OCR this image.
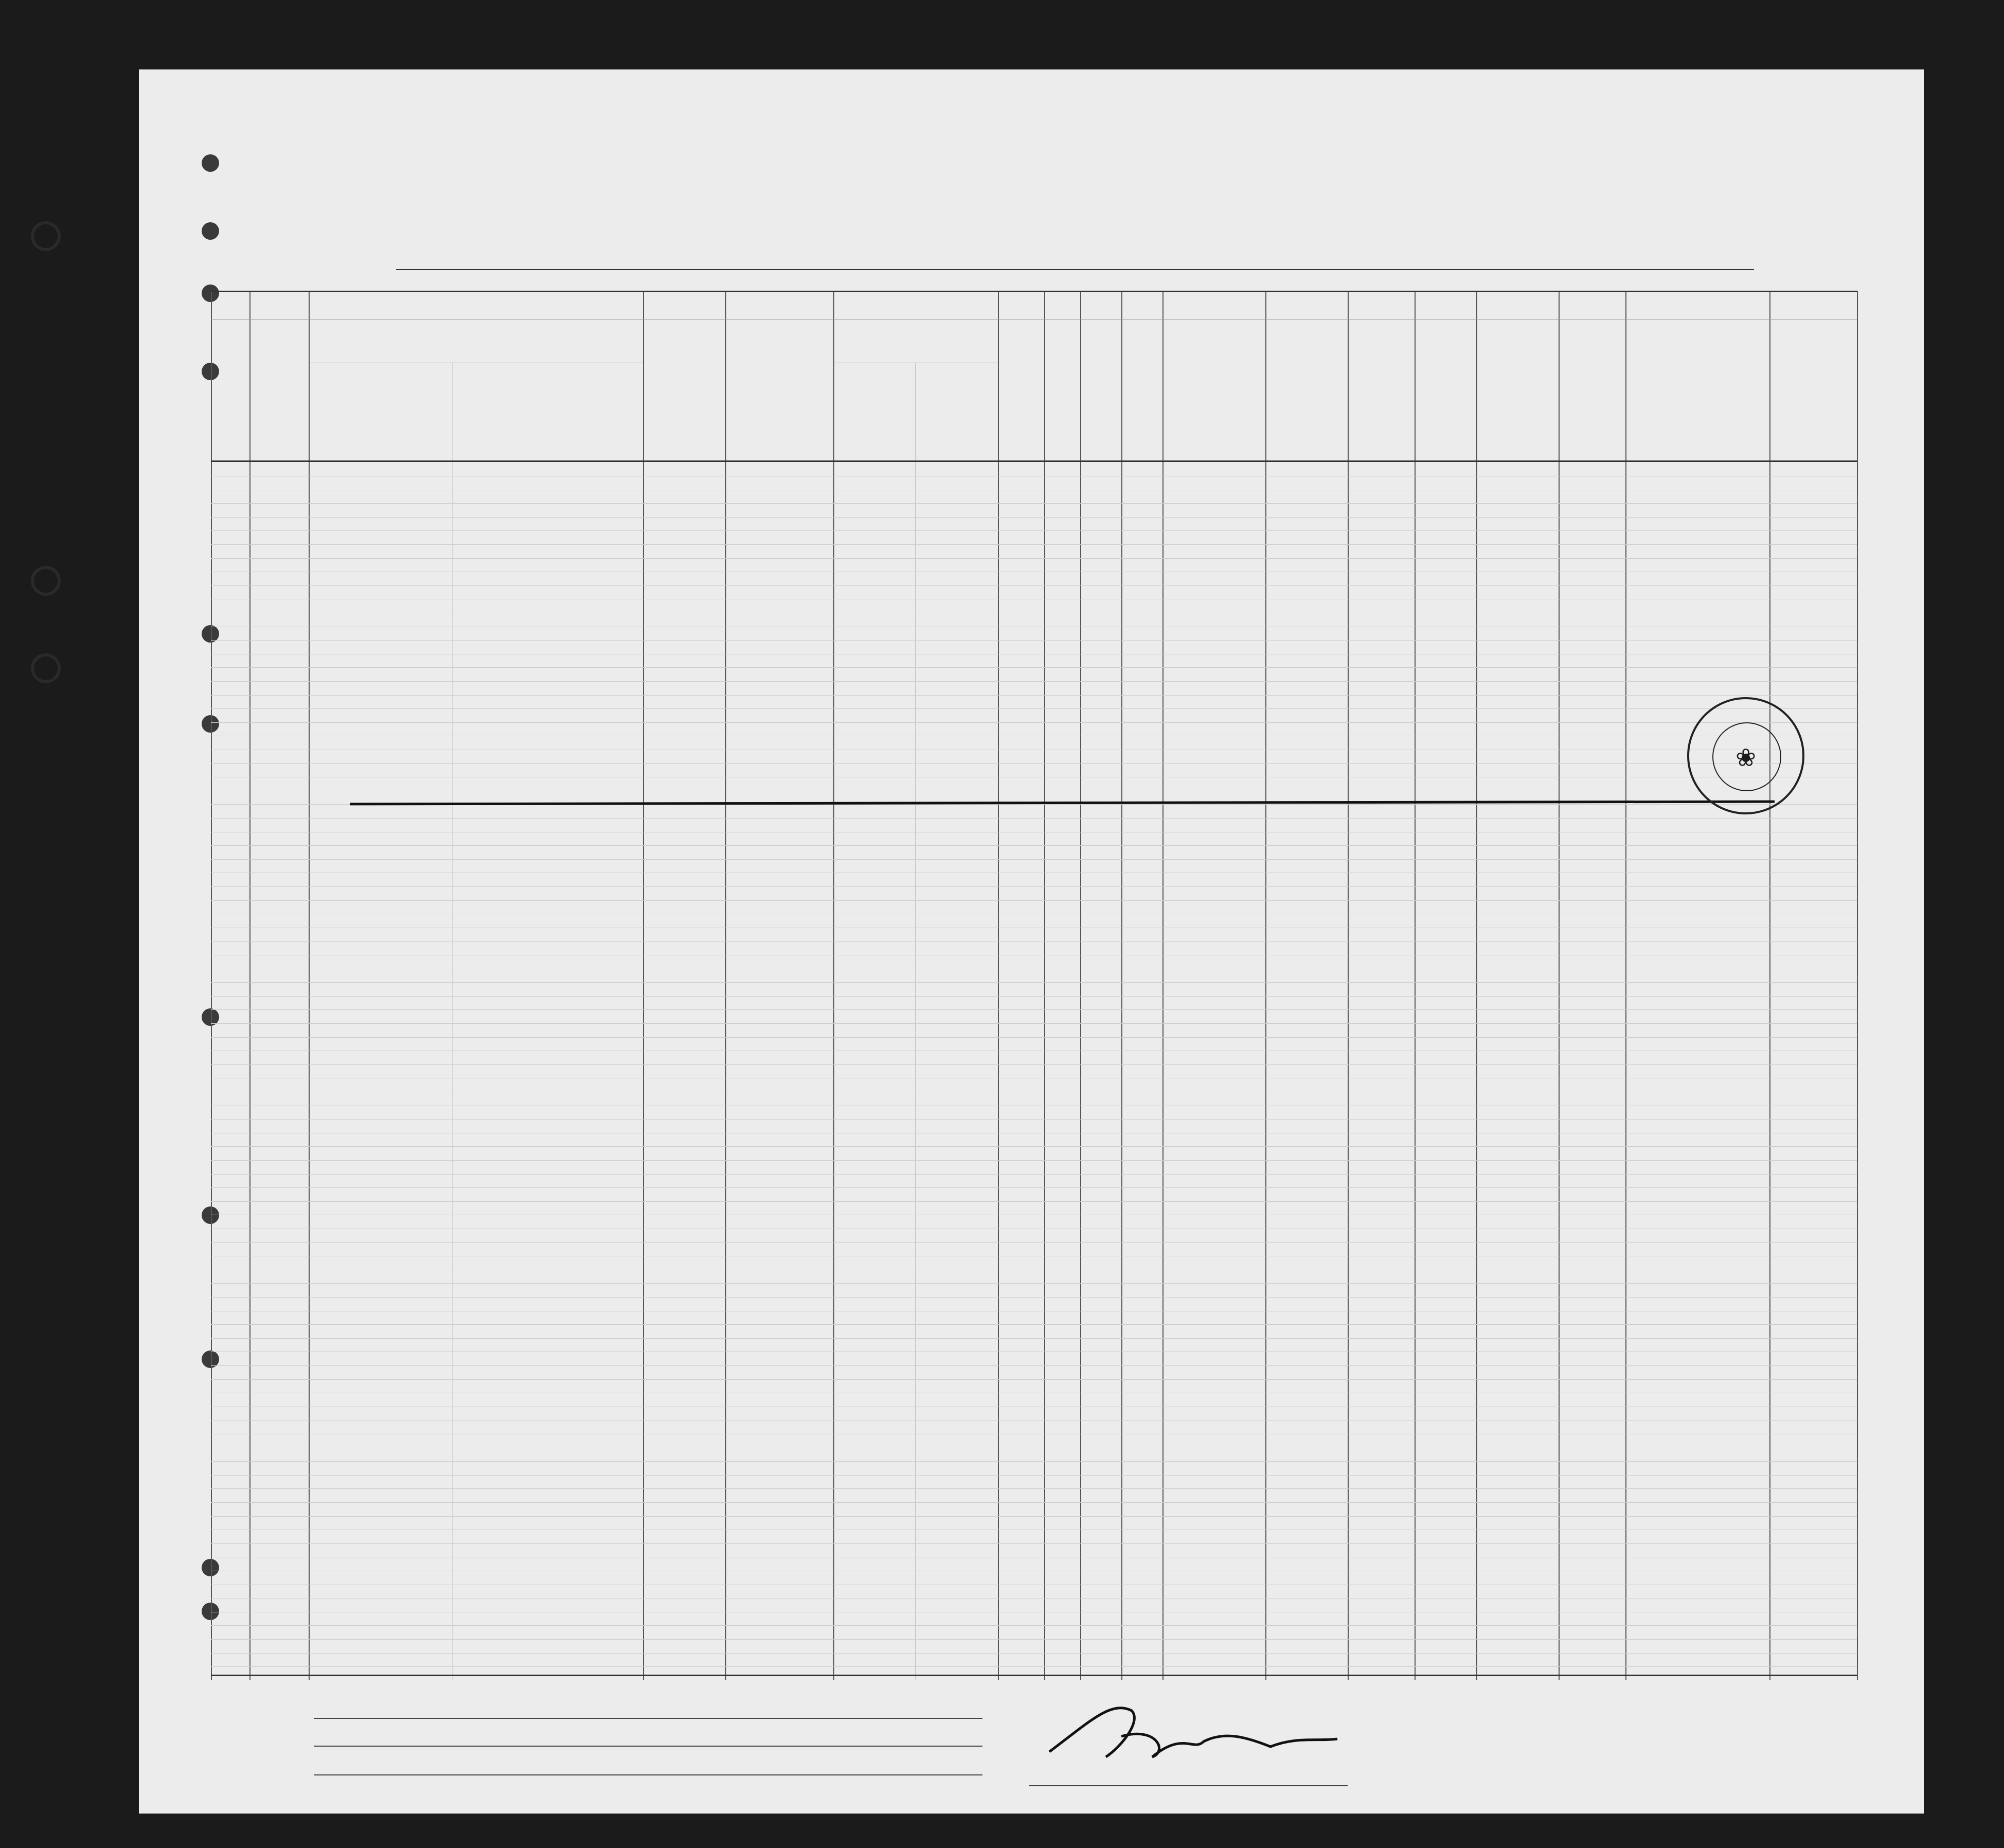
❀
